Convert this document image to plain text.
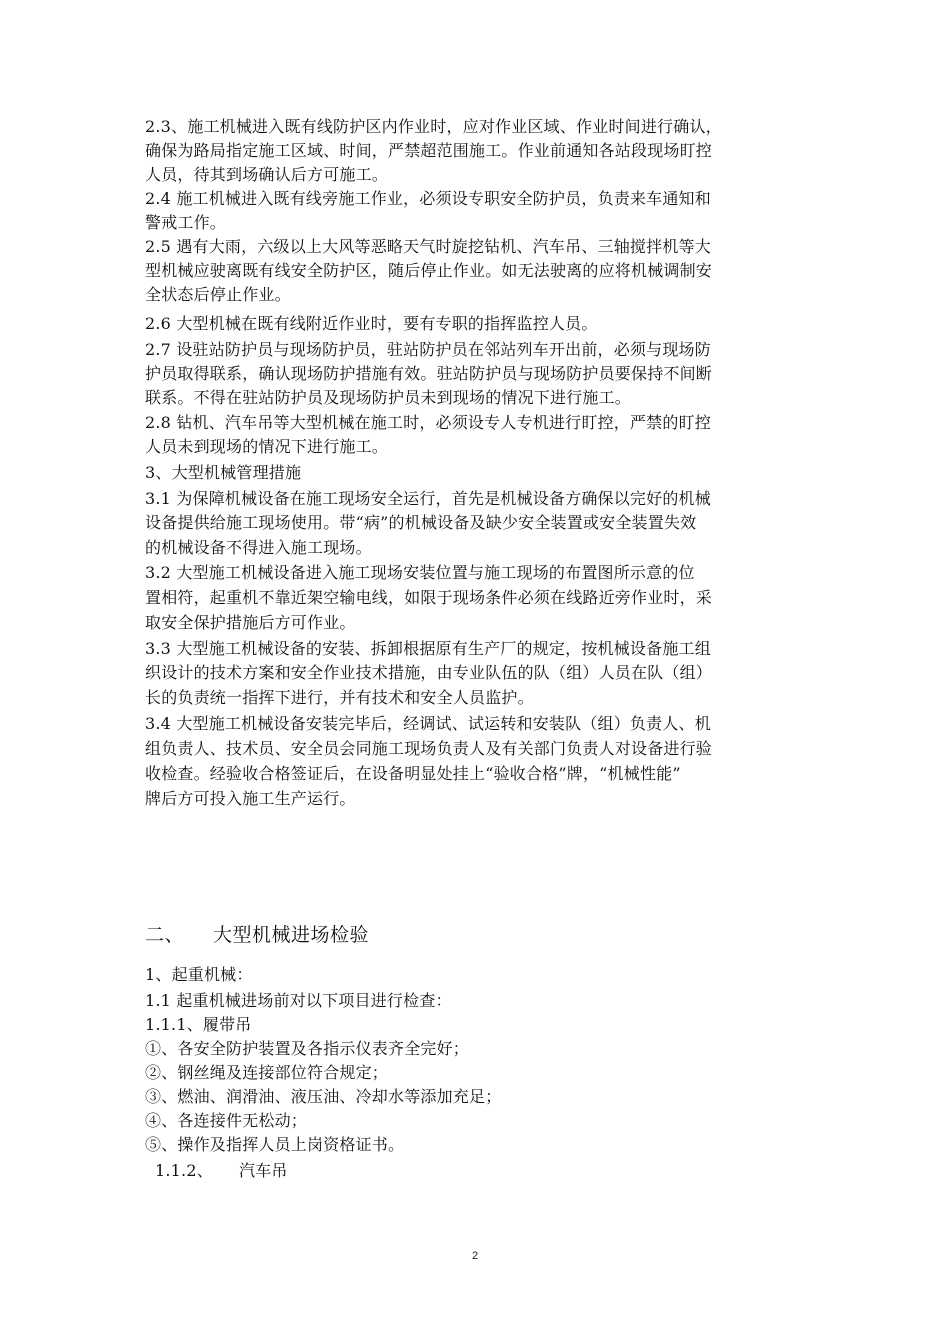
2.3、施工机械进入既有线防护区内作业时，应对作业区域、作业时间进行确认，
确保为路局指定施工区域、时间，严禁超范围施工。作业前通知各站段现场盯控
人员，待其到场确认后方可施工。
2.4 施工机械进入既有线旁施工作业，必须设专职安全防护员，负责来车通知和
警戒工作。
2.5 遇有大雨，六级以上大风等恶略天气时旋挖钻机、汽车吊、三轴搅拌机等大
型机械应驶离既有线安全防护区，随后停止作业。如无法驶离的应将机械调制安
全状态后停止作业。
2.6 大型机械在既有线附近作业时，要有专职的指挥监控人员。
2.7 设驻站防护员与现场防护员，驻站防护员在邻站列车开出前，必须与现场防
护员取得联系，确认现场防护措施有效。驻站防护员与现场防护员要保持不间断
联系。不得在驻站防护员及现场防护员未到现场的情况下进行施工。
2.8 钻机、汽车吊等大型机械在施工时，必须设专人专机进行盯控，严禁的盯控
人员未到现场的情况下进行施工。
3、大型机械管理措施
3.1 为保障机械设备在施工现场安全运行，首先是机械设备方确保以完好的机械
设备提供给施工现场使用。带“病”的机械设备及缺少安全装置或安全装置失效
的机械设备不得进入施工现场。
3.2 大型施工机械设备进入施工现场安装位置与施工现场的布置图所示意的位
置相符，起重机不靠近架空输电线，如限于现场条件必须在线路近旁作业时，采
取安全保护措施后方可作业。
3.3 大型施工机械设备的安装、拆卸根据原有生产厂的规定，按机械设备施工组
织设计的技术方案和安全作业技术措施，由专业队伍的队（组）人员在队（组）
长的负责统一指挥下进行，并有技术和安全人员监护。
3.4 大型施工机械设备安装完毕后，经调试、试运转和安装队（组）负责人、机
组负责人、技术员、安全员会同施工现场负责人及有关部门负责人对设备进行验
收检查。经验收合格签证后，在设备明显处挂上“验收合格”牌，“机械性能”
牌后方可投入施工生产运行。
二、 大型机械进场检验
1、起重机械：
1.1 起重机械进场前对以下项目进行检查：
1.1.1、履带吊
①、各安全防护装置及各指示仪表齐全完好；
②、钢丝绳及连接部位符合规定；
③、燃油、润滑油、液压油、冷却水等添加充足；
④、各连接件无松动；
⑤、操作及指挥人员上岗资格证书。
1.1.2、 汽车吊
2
